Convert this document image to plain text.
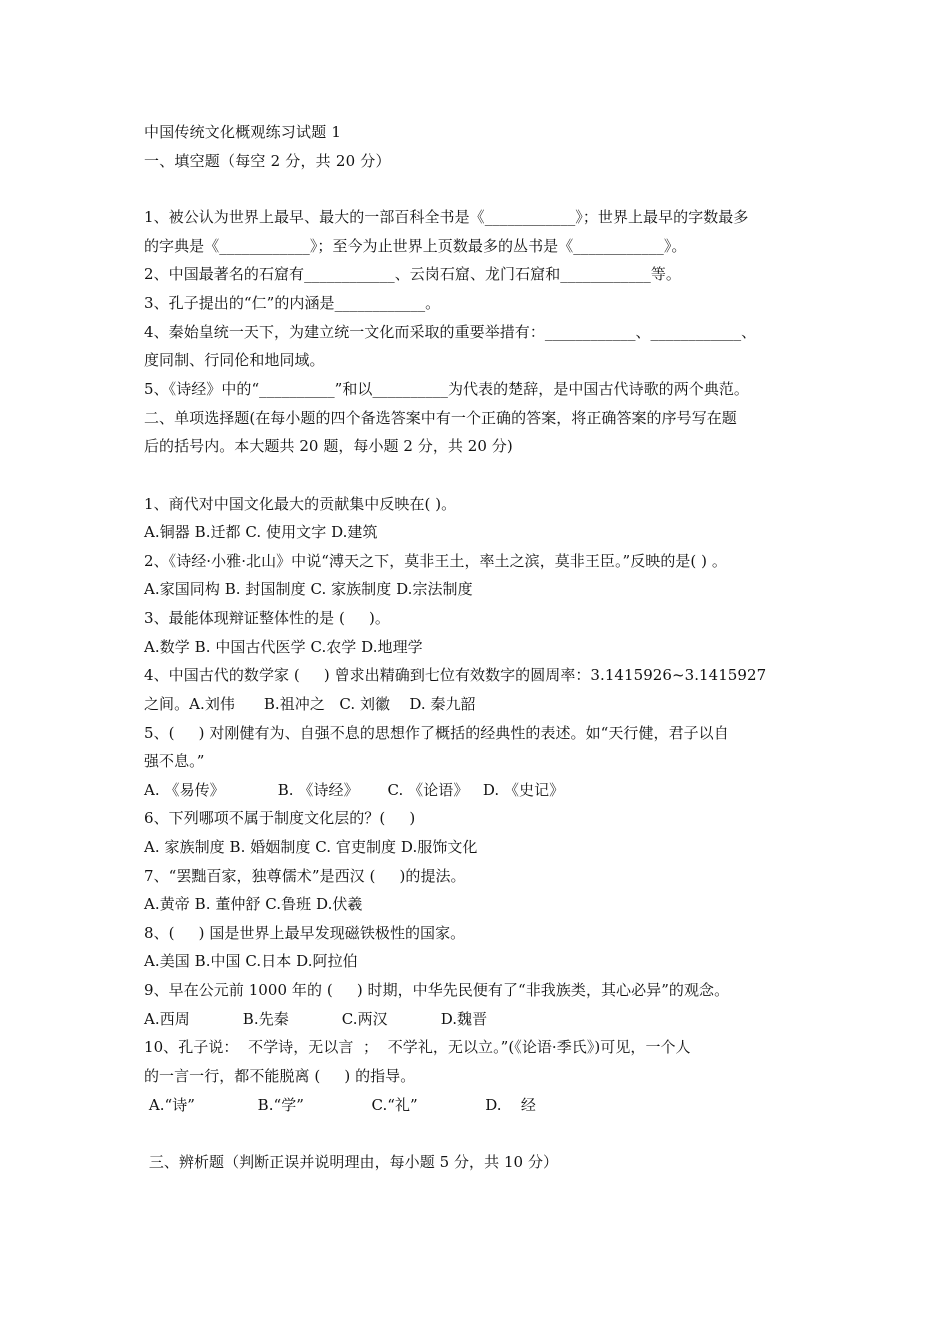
中国传统文化概观练习试题 1

一、填空题（每空 2 分，共 20 分）

1、被公认为世界上最早、最大的一部百科全书是《____________》；世界上最早的字数最多

的字典是《____________》；至今为止世界上页数最多的丛书是《____________》。

2、中国最著名的石窟有____________、云岗石窟、龙门石窟和____________等。

3、孔子提出的“仁”的内涵是____________。

4、秦始皇统一天下，为建立统一文化而采取的重要举措有：____________、____________、

度同制、行同伦和地同域。

5、《诗经》中的“__________”和以__________为代表的楚辞，是中国古代诗歌的两个典范。

二、单项选择题(在每小题的四个备选答案中有一个正确的答案，将正确答案的序号写在题

后的括号内。本大题共 20 题，每小题 2 分，共 20 分)

1、商代对中国文化最大的贡献集中反映在( )。

A.铜器 B.迁都 C. 使用文字 D.建筑

2、《诗经·小雅·北山》中说“溥天之下，莫非王土，率土之滨，莫非王臣。”反映的是( ) 。

A.家国同构 B. 封国制度 C. 家族制度 D.宗法制度

3、最能体现辩证整体性的是 (     )。

A.数学 B. 中国古代医学 C.农学 D.地理学

4、中国古代的数学家 (     ) 曾求出精确到七位有效数字的圆周率：3.1415926~3.1415927

之间。A.刘伟      B.祖冲之   C. 刘徽    D. 秦九韶

5、(     ) 对刚健有为、自强不息的思想作了概括的经典性的表述。如“天行健，君子以自

强不息。”

A. 《易传》           B. 《诗经》      C. 《论语》   D. 《史记》

6、下列哪项不属于制度文化层的？(     )

A. 家族制度 B. 婚姻制度 C. 官吏制度 D.服饰文化

7、“罢黜百家，独尊儒术”是西汉 (     )的提法。

A.黄帝 B. 董仲舒 C.鲁班 D.伏羲

8、(     ) 国是世界上最早发现磁铁极性的国家。

A.美国 B.中国 C.日本 D.阿拉伯

9、早在公元前 1000 年的 (     ) 时期，中华先民便有了“非我族类，其心必异”的观念。

A.西周           B.先秦           C.两汉           D.魏晋

10、孔子说：  不学诗，无以言  ；  不学礼，无以立。”(《论语·季氏》)可见，一个人

的一言一行，都不能脱离 (     ) 的指导。

A.“诗”             B.“学”              C.“礼”              D.    经

三、辨析题（判断正误并说明理由，每小题 5 分，共 10 分）
